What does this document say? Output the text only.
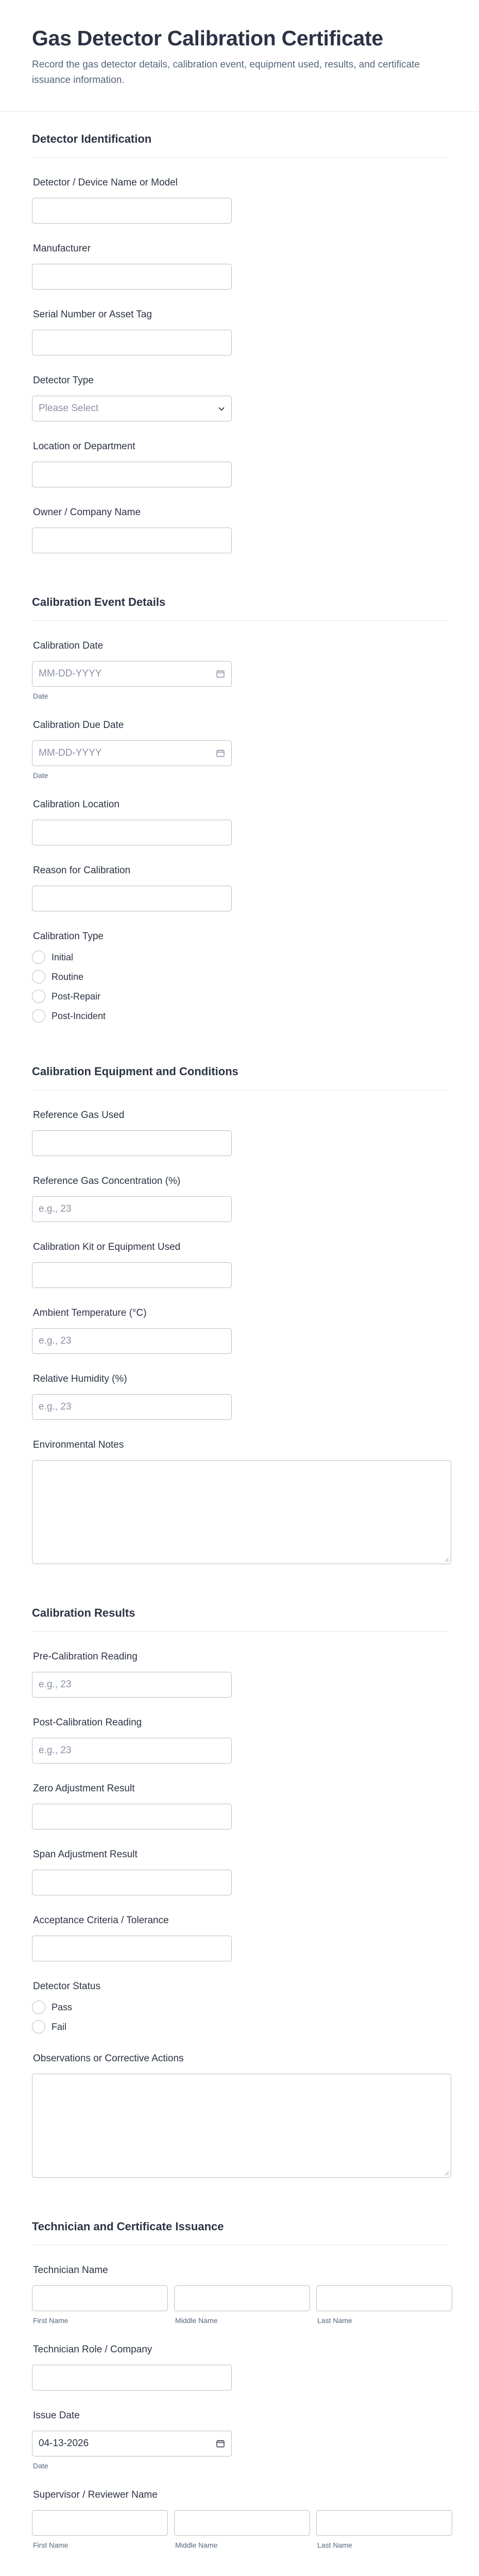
Gas Detector Calibration Certificate

Record the gas detector details, calibration event, equipment used, results, and certificate issuance information.

Detector Identification
Detector / Device Name or Model
Manufacturer
Serial Number or Asset Tag
Detector Type
Please Select
Location or Department
Owner / Company Name
Calibration Event Details
Calibration Date
MM-DD-YYYY
Date
Calibration Due Date
MM-DD-YYYY
Date
Calibration Location
Reason for Calibration
Calibration Type
Initial
Routine
Post-Repair
Post-Incident
Calibration Equipment and Conditions
Reference Gas Used
Reference Gas Concentration (%)
e.g., 23
Calibration Kit or Equipment Used
Ambient Temperature (°C)
e.g., 23
Relative Humidity (%)
e.g., 23
Environmental Notes
Calibration Results
Pre-Calibration Reading
e.g., 23
Post-Calibration Reading
e.g., 23
Zero Adjustment Result
Span Adjustment Result
Acceptance Criteria / Tolerance
Detector Status
Pass
Fail
Observations or Corrective Actions
Technician and Certificate Issuance
Technician Name
First Name	Middle Name	Last Name
Technician Role / Company
Issue Date
04-13-2026
Date
Supervisor / Reviewer Name
First Name	Middle Name	Last Name
